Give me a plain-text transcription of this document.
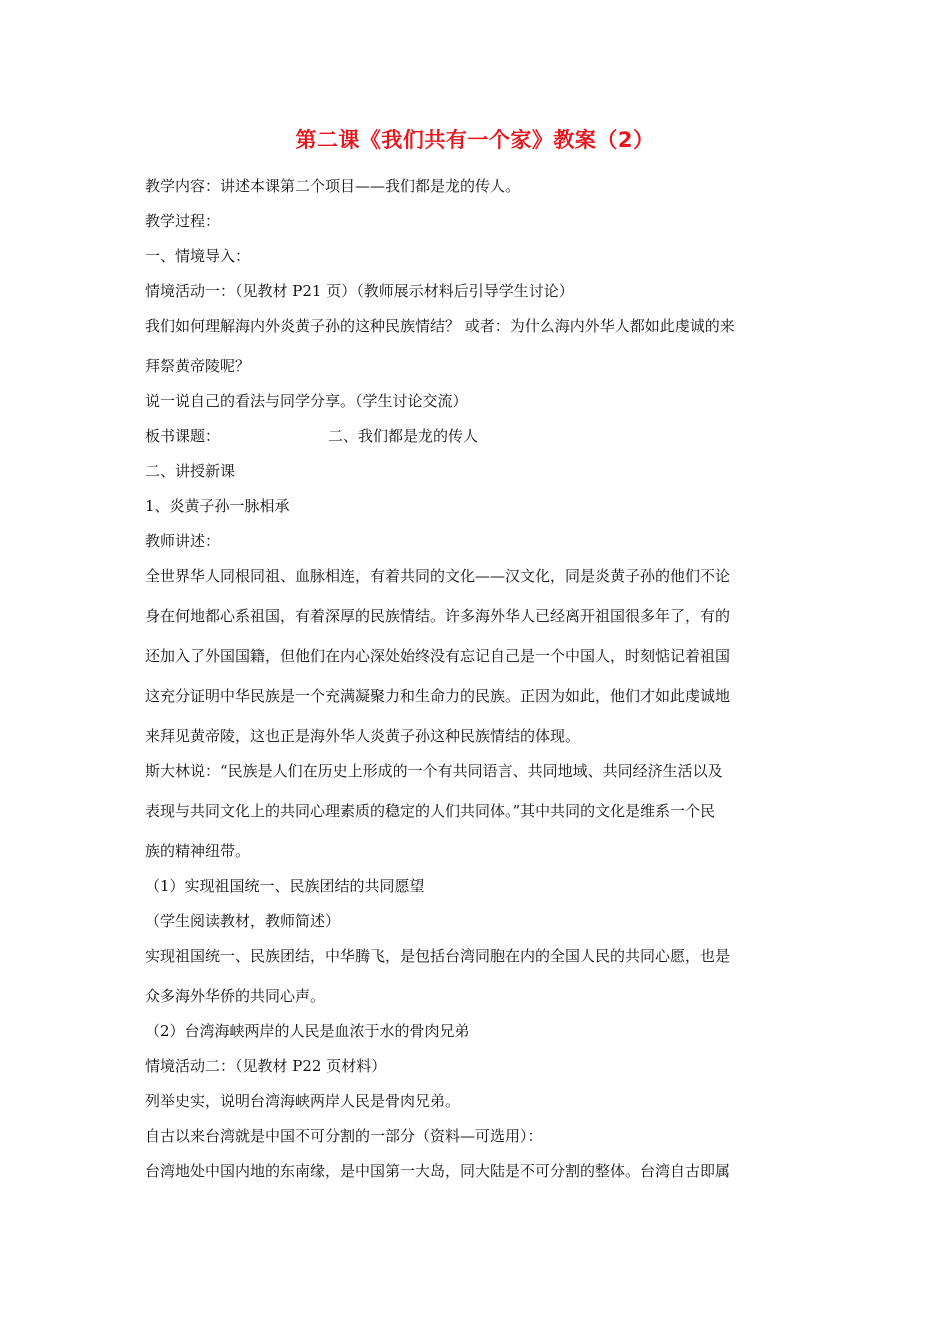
第二课《我们共有一个家》教案（2）

教学内容：讲述本课第二个项目——我们都是龙的传人。

教学过程：

一、情境导入：

情境活动一：（见教材 P21 页）（教师展示材料后引导学生讨论）

我们如何理解海内外炎黄子孙的这种民族情结？ 或者：为什么海内外华人都如此虔诚的来

拜祭黄帝陵呢？

说一说自己的看法与同学分享。（学生讨论交流）

板书课题：	二、我们都是龙的传人

二、讲授新课

1、炎黄子孙一脉相承

教师讲述：

全世界华人同根同祖、血脉相连，有着共同的文化——汉文化，同是炎黄子孙的他们不论

身在何地都心系祖国，有着深厚的民族情结。许多海外华人已经离开祖国很多年了，有的

还加入了外国国籍，但他们在内心深处始终没有忘记自己是一个中国人，时刻惦记着祖国

这充分证明中华民族是一个充满凝聚力和生命力的民族。正因为如此，他们才如此虔诚地

来拜见黄帝陵，这也正是海外华人炎黄子孙这种民族情结的体现。

斯大林说：“民族是人们在历史上形成的一个有共同语言、共同地域、共同经济生活以及

表现与共同文化上的共同心理素质的稳定的人们共同体。”其中共同的文化是维系一个民

族的精神纽带。

（1）实现祖国统一、民族团结的共同愿望

（学生阅读教材，教师简述）

实现祖国统一、民族团结，中华腾飞，是包括台湾同胞在内的全国人民的共同心愿，也是

众多海外华侨的共同心声。

（2）台湾海峡两岸的人民是血浓于水的骨肉兄弟

情境活动二：（见教材 P22 页材料）

列举史实，说明台湾海峡两岸人民是骨肉兄弟。

自古以来台湾就是中国不可分割的一部分（资料—可选用）：

台湾地处中国内地的东南缘，是中国第一大岛，同大陆是不可分割的整体。台湾自古即属
